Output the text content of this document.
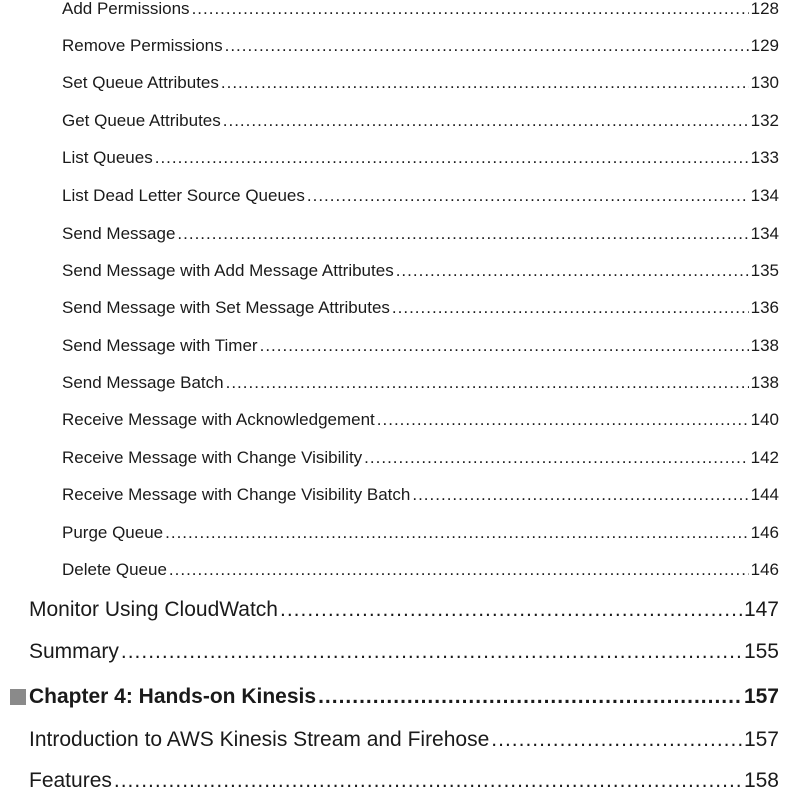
Add Permissions .....	128
Remove Permissions .....	129
Set Queue Attributes .....	130
Get Queue Attributes .....	132
List Queues .....	133
List Dead Letter Source Queues .....	134
Send Message .....	134
Send Message with Add Message Attributes .....	135
Send Message with Set Message Attributes .....	136
Send Message with Timer .....	138
Send Message Batch .....	138
Receive Message with Acknowledgement .....	140
Receive Message with Change Visibility .....	142
Receive Message with Change Visibility Batch .....	144
Purge Queue .....	146
Delete Queue .....	146
Monitor Using CloudWatch .....	147
Summary .....	155
Chapter 4: Hands-on Kinesis .....	157
Introduction to AWS Kinesis Stream and Firehose .....	157
Features .....	158
